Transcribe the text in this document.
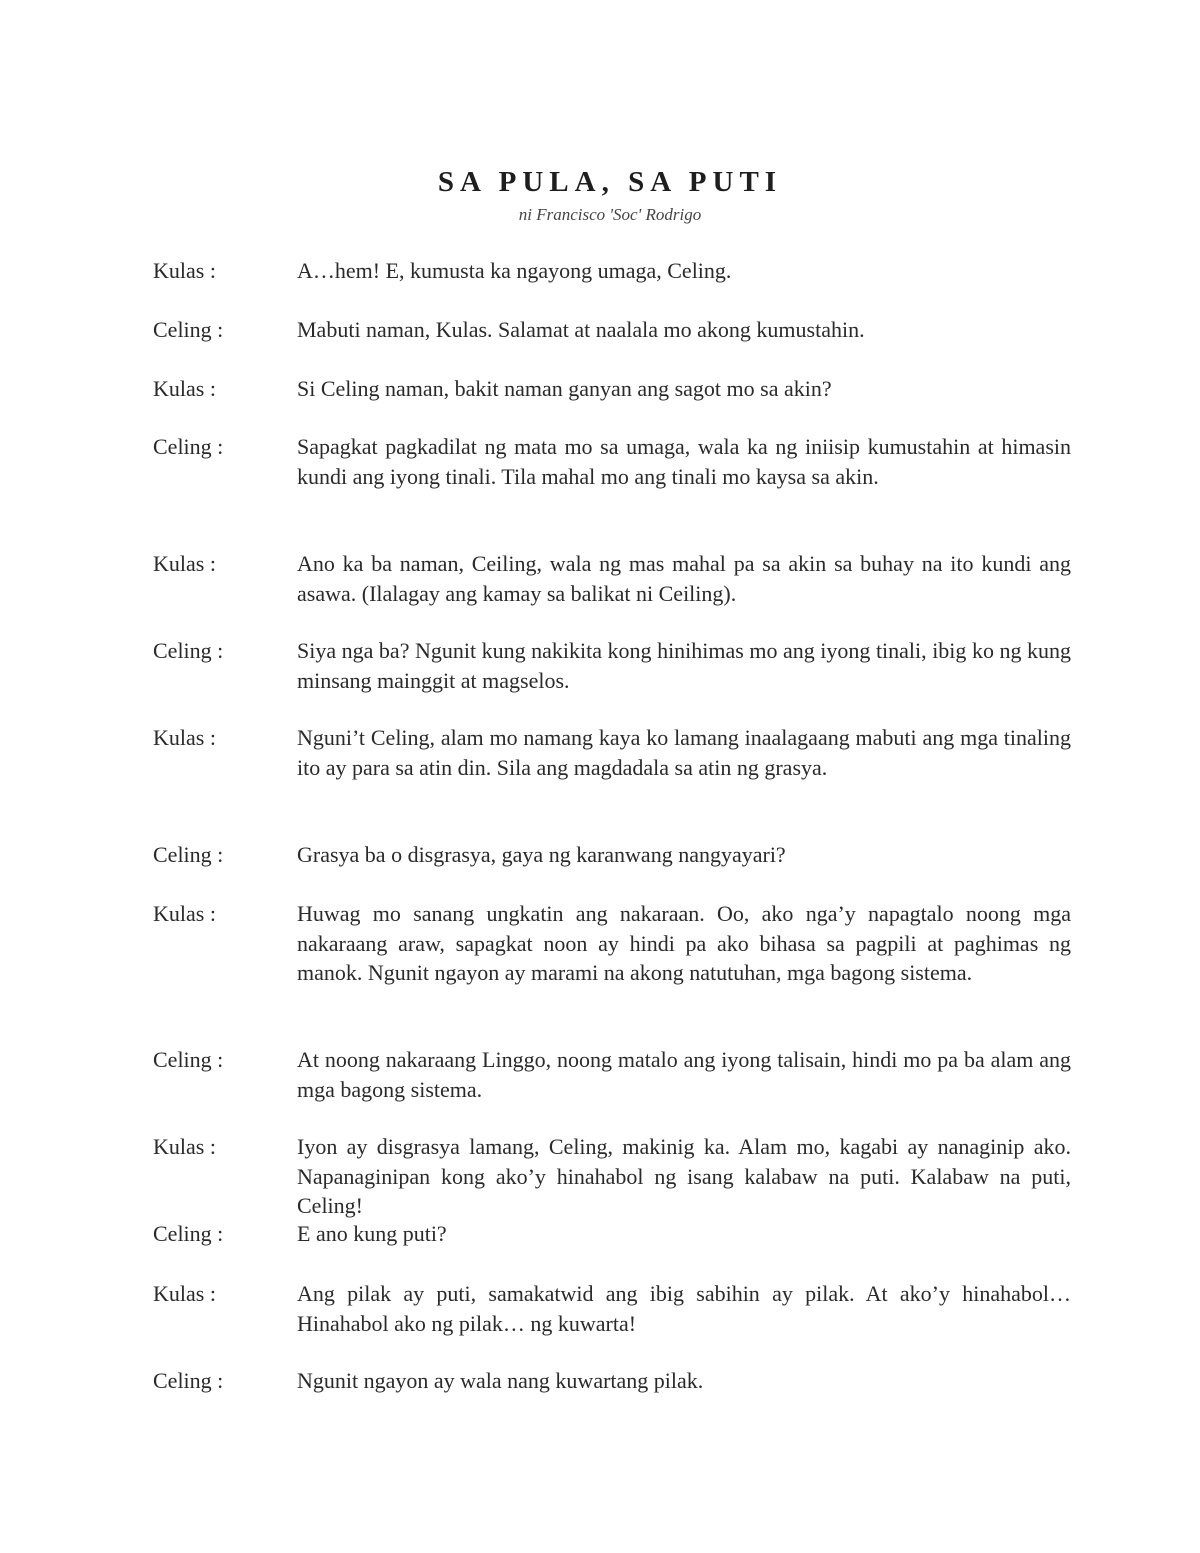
SA PULA, SA PUTI
ni Francisco 'Soc' Rodrigo
Kulas :	A…hem! E, kumusta ka ngayong umaga, Celing.
Celing :	Mabuti naman, Kulas. Salamat at naalala mo akong kumustahin.
Kulas :	Si Celing naman, bakit naman ganyan ang sagot mo sa akin?
Celing :	Sapagkat pagkadilat ng mata mo sa umaga, wala ka ng iniisip kumustahin at himasin kundi ang iyong tinali. Tila mahal mo ang tinali mo kaysa sa akin.
Kulas :	Ano ka ba naman, Ceiling, wala ng mas mahal pa sa akin sa buhay na ito kundi ang asawa. (Ilalagay ang kamay sa balikat ni Ceiling).
Celing :	Siya nga ba? Ngunit kung nakikita kong hinihimas mo ang iyong tinali, ibig ko ng kung minsang mainggit at magselos.
Kulas :	Nguni’t Celing, alam mo namang kaya ko lamang inaalagaang mabuti ang mga tinaling ito ay para sa atin din. Sila ang magdadala sa atin ng grasya.
Celing :	Grasya ba o disgrasya, gaya ng karanwang nangyayari?
Kulas :	Huwag mo sanang ungkatin ang nakaraan. Oo, ako nga’y napagtalo noong mga nakaraang araw, sapagkat noon ay hindi pa ako bihasa sa pagpili at paghimas ng manok. Ngunit ngayon ay marami na akong natutuhan, mga bagong sistema.
Celing :	At noong nakaraang Linggo, noong matalo ang iyong talisain, hindi mo pa ba alam ang mga bagong sistema.
Kulas :	Iyon ay disgrasya lamang, Celing, makinig ka. Alam mo, kagabi ay nanaginip ako. Napanaginipan kong ako’y hinahabol ng isang kalabaw na puti. Kalabaw na puti, Celing!
Celing :	E ano kung puti?
Kulas :	Ang pilak ay puti, samakatwid ang ibig sabihin ay pilak. At ako’y hinahabol… Hinahabol ako ng pilak… ng kuwarta!
Celing :	Ngunit ngayon ay wala nang kuwartang pilak.
